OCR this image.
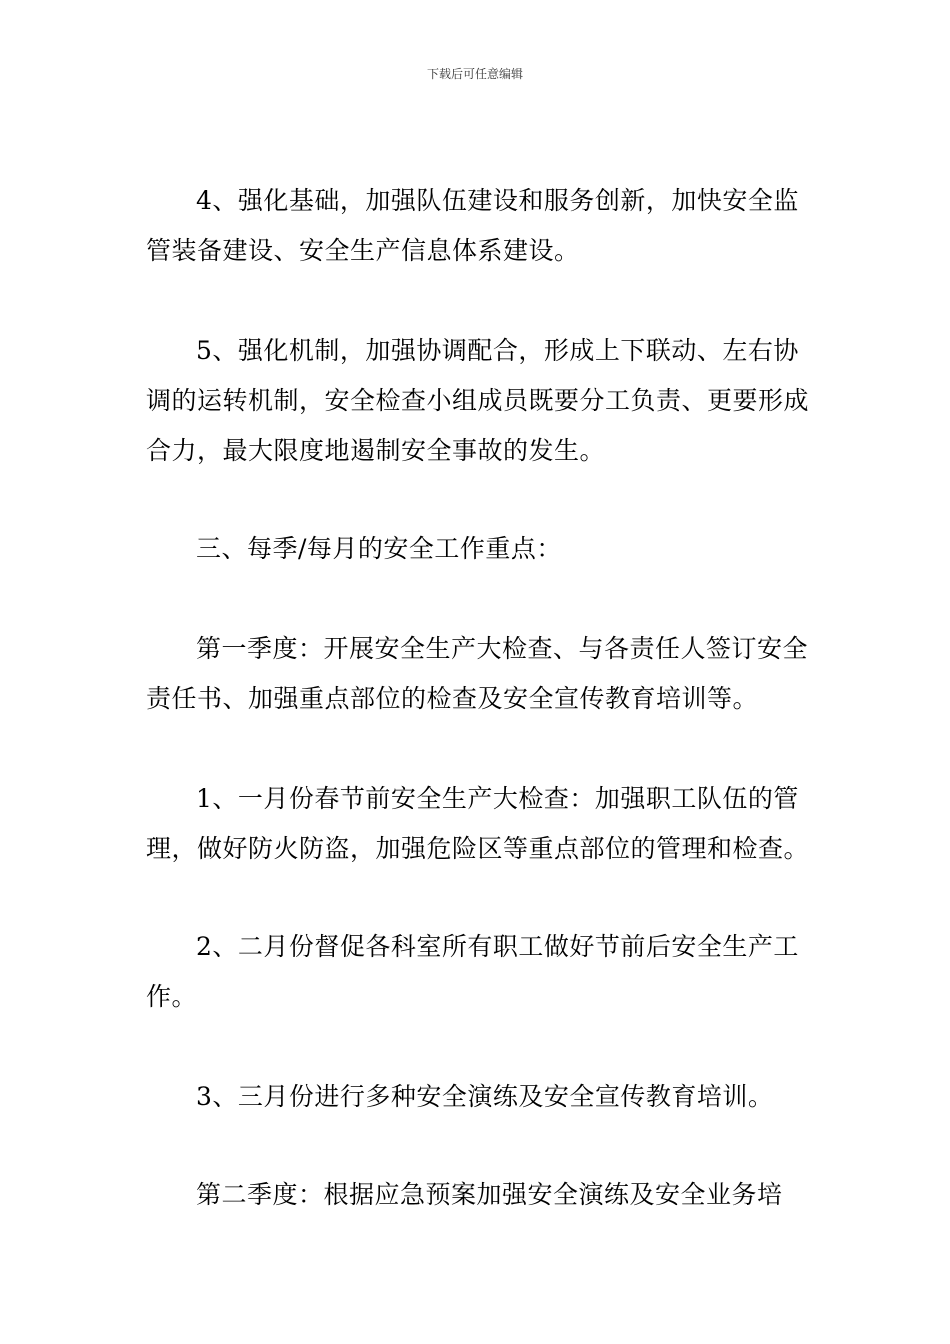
下载后可任意编辑

4、强化基础，加强队伍建设和服务创新，加快安全监管装备建设、安全生产信息体系建设。

5、强化机制，加强协调配合，形成上下联动、左右协调的运转机制，安全检查小组成员既要分工负责、更要形成合力，最大限度地遏制安全事故的发生。

三、每季/每月的安全工作重点：

第一季度：开展安全生产大检查、与各责任人签订安全责任书、加强重点部位的检查及安全宣传教育培训等。

1、一月份春节前安全生产大检查：加强职工队伍的管理，做好防火防盗，加强危险区等重点部位的管理和检查。

2、二月份督促各科室所有职工做好节前后安全生产工作。

3、三月份进行多种安全演练及安全宣传教育培训。

第二季度：根据应急预案加强安全演练及安全业务培
